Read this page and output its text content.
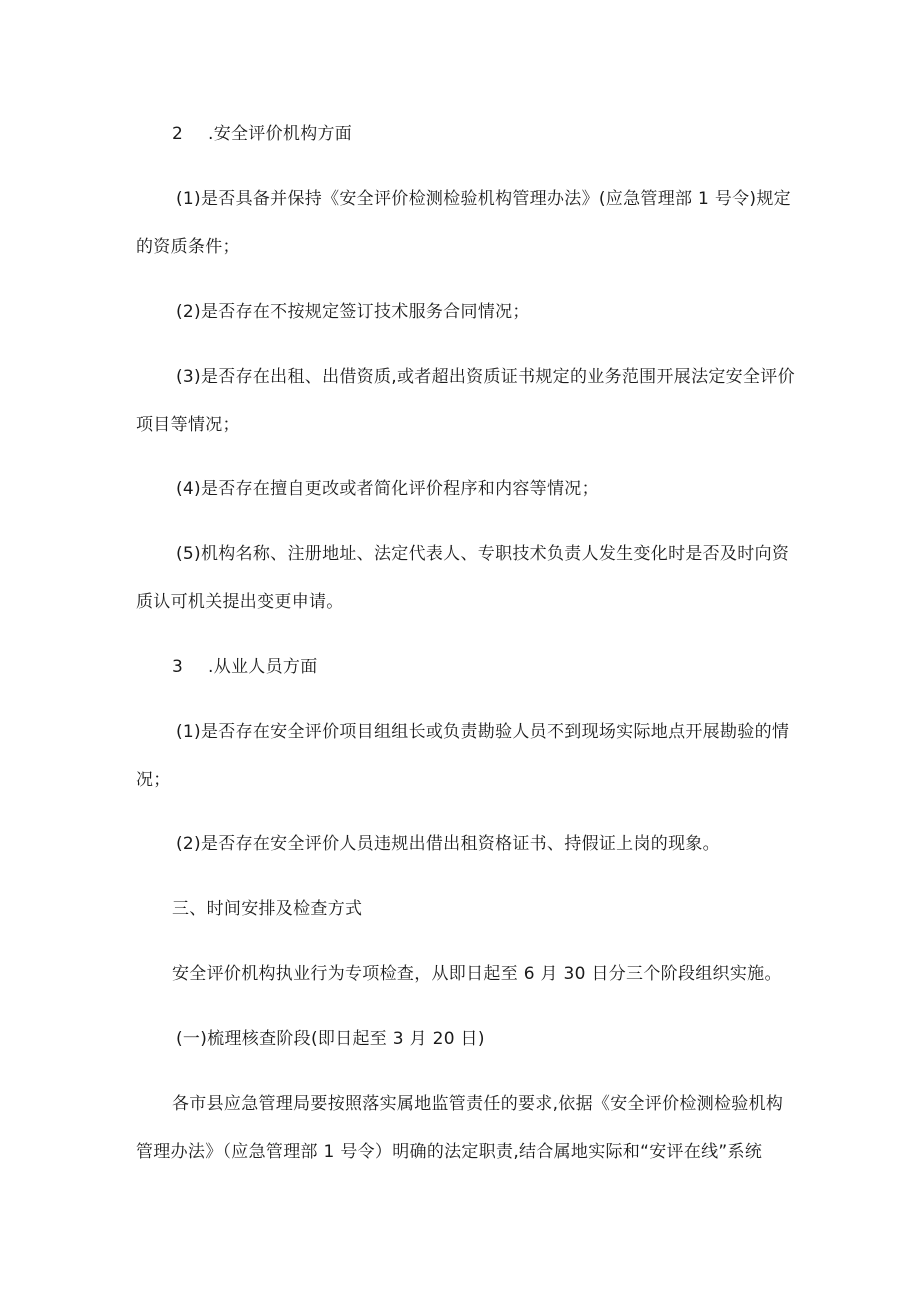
2 .安全评价机构方面
(1)是否具备并保持《安全评价检测检验机构管理办法》(应急管理部 1 号令)规定
的资质条件；
(2)是否存在不按规定签订技术服务合同情况；
(3)是否存在出租、出借资质,或者超出资质证书规定的业务范围开展法定安全评价
项目等情况；
(4)是否存在擅自更改或者简化评价程序和内容等情况；
(5)机构名称、注册地址、法定代表人、专职技术负责人发生变化时是否及时向资
质认可机关提出变更申请。
3 .从业人员方面
(1)是否存在安全评价项目组组长或负责勘验人员不到现场实际地点开展勘验的情
况；
(2)是否存在安全评价人员违规出借出租资格证书、持假证上岗的现象。
三、时间安排及检查方式
安全评价机构执业行为专项检查，从即日起至 6 月 30 日分三个阶段组织实施。
(一)梳理核查阶段(即日起至 3 月 20 日)
各市县应急管理局要按照落实属地监管责任的要求,依据《安全评价检测检验机构
管理办法》（应急管理部 1 号令）明确的法定职责,结合属地实际和“安评在线”系统
